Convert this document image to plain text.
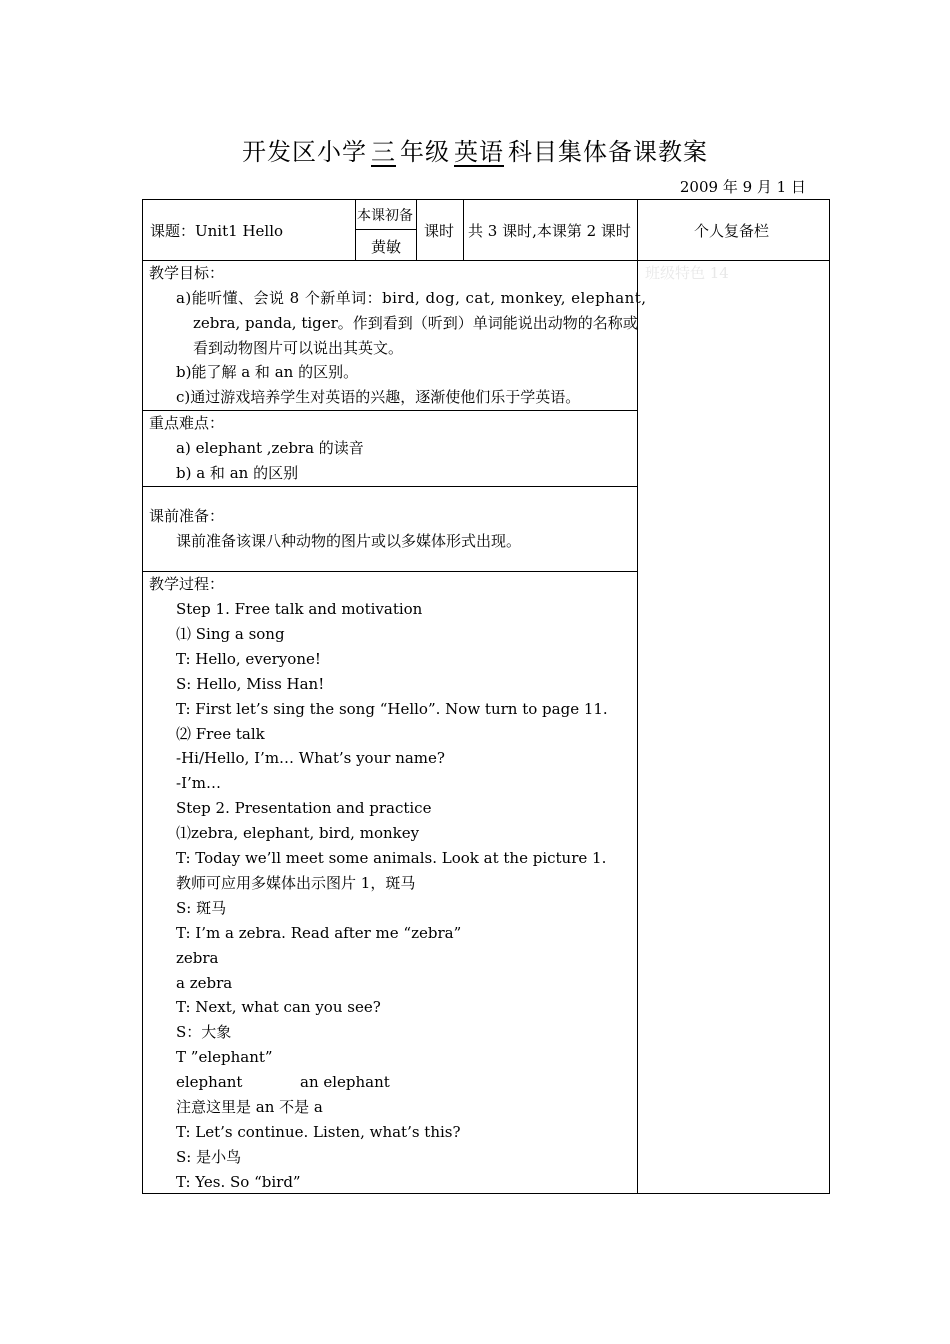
开发区小学 三 年级 英语 科目集体备课教案
2009 年 9 月 1 日
课题：Unit1 Hello
本课初备
黄敏
课时 共 3 课时,本课第 2 课时	个人复备栏
班级特色 14
教学目标：
a)能听懂、会说 8 个新单词：bird, dog, cat, monkey, elephant,
zebra, panda, tiger。作到看到（听到）单词能说出动物的名称或
看到动物图片可以说出其英文。
b)能了解 a 和 an 的区别。
c)通过游戏培养学生对英语的兴趣，逐渐使他们乐于学英语。
重点难点：
a) elephant ,zebra 的读音
b) a 和 an 的区别
课前准备：
课前准备该课八种动物的图片或以多媒体形式出现。
教学过程：
Step 1. Free talk and motivation
⑴ Sing a song
T: Hello, everyone!
S: Hello, Miss Han!
T: First let’s sing the song “Hello”. Now turn to page 11.
⑵ Free talk
-Hi/Hello, I’m… What’s your name?
-I’m…
Step 2. Presentation and practice
⑴zebra, elephant, bird, monkey
T: Today we’ll meet some animals. Look at the picture 1.
教师可应用多媒体出示图片 1，斑马
S: 斑马
T: I’m a zebra. Read after me “zebra”
zebra
a zebra
T: Next, what can you see?
S：大象
T ”elephant”
elephant
注意这里是 an 不是 a
T: Let’s continue. Listen, what’s this?
S: 是小鸟
T: Yes. So “bird”
an elephant
